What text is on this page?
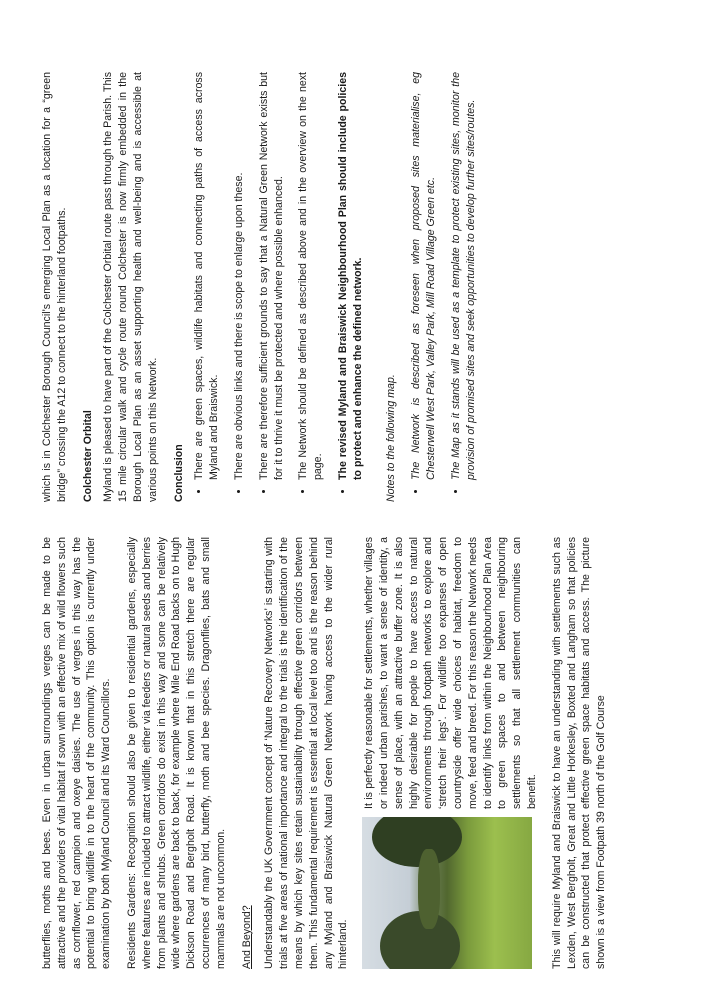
butterflies, moths and bees. Even in urban surroundings verges can be made to be attractive and the providers of vital habitat if sown with an effective mix of wild flowers such as cornflower, red campion and oxeye daisies. The use of verges in this way has the potential to bring wildlife in to the heart of the community. This option is currently under examination by both Myland Council and its Ward Councillors. Residents Gardens: Recognition should also be given to residential gardens, especially where features are included to attract wildlife, either via feeders or natural seeds and berries from plants and shrubs. Green corridors do exist in this way and some can be relatively wide where gardens are back to back, for example where Mile End Road backs on to Hugh Dickson Road and Bergholt Road. It is known that in this stretch there are regular occurrences of many bird, butterfly, moth and bee species. Dragonflies, bats and small mammals are not uncommon. And Beyond? Understandably the UK Government concept of ‘Nature Recovery Networks’ is starting with trials at five areas of national importance and integral to the trials is the identification of the means by which key sites retain sustainability through effective green corridors between them. This fundamental requirement is essential at local level too and is the reason behind any Myland and Braiswick Natural Green Network having access to the wider rural hinterland.

It is perfectly reasonable for settlements, whether villages or indeed urban parishes, to want a sense of identity, a sense of place, with an attractive buffer zone. It is also highly desirable for people to have access to natural environments through footpath networks to explore and ‘stretch their legs’. For wildlife too expanses of open countryside offer wide choices of habitat, freedom to move, feed and breed. For this reason the Network needs to identify links from within the Neighbourhood Plan Area to green spaces to and between neighbouring settlements so that all settlement communities can benefit. This will require Myland and Braiswick to have an understanding with settlements such as Lexden, West Bergholt, Great and Little Horkesley, Boxted and Langham so that policies can be constructed that protect effective green space habitats and access. The picture shown is a view from Footpath 39 north of the Golf Course

which is in Colchester Borough Council’s emerging Local Plan as a location for a “green bridge” crossing the A12 to connect to the hinterland footpaths. Colchester Orbital Myland is pleased to have part of the Colchester Orbital route pass through the Parish. This 15 mile circular walk and cycle route round Colchester is now firmly embedded in the Borough Local Plan as an asset supporting health and well-being and is accessible at various points on this Network. Conclusion • There are green spaces, wildlife habitats and connecting paths of access across Myland and Braiswick. • There are obvious links and there is scope to enlarge upon these. • There are therefore sufficient grounds to say that a Natural Green Network exists but for it to thrive it must be protected and where possible enhanced. • The Network should be defined as described above and in the overview on the next page. • The revised Myland and Braiswick Neighbourhood Plan should include policies to protect and enhance the defined network. Notes to the following map. • The Network is described as foreseen when proposed sites materialise, eg Chesterwell West Park, Valley Park, Mill Road Village Green etc. • The Map as it stands will be used as a template to protect existing sites, monitor the provision of promised sites and seek opportunities to develop further sites/routes.
